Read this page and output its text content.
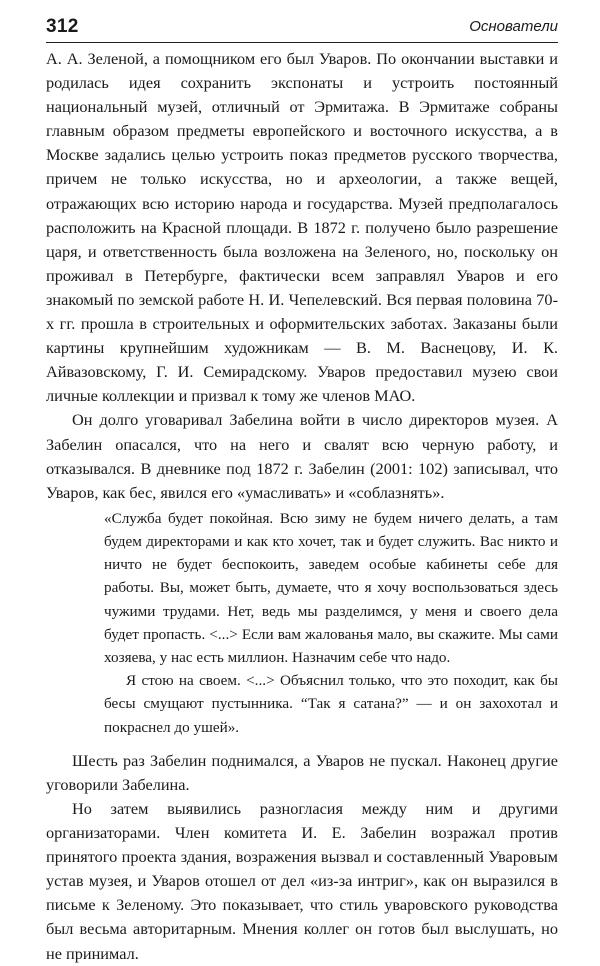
312	Основатели

А. А. Зеленой, а помощником его был Уваров. По окончании выставки и родилась идея сохранить экспонаты и устроить постоянный национальный музей, отличный от Эрмитажа. В Эрмитаже собраны главным образом предметы европейского и восточного искусства, а в Москве задались целью устроить показ предметов русского творчества, причем не только искусства, но и археологии, а также вещей, отражающих всю историю народа и государства. Музей предполагалось расположить на Красной площади. В 1872 г. получено было разрешение царя, и ответственность была возложена на Зеленого, но, поскольку он проживал в Петербурге, фактически всем заправлял Уваров и его знакомый по земской работе Н. И. Чепелевский. Вся первая половина 70-х гг. прошла в строительных и оформительских заботах. Заказаны были картины крупнейшим художникам — В. М. Васнецову, И. К. Айвазовскому, Г. И. Семирадскому. Уваров предоставил музею свои личные коллекции и призвал к тому же членов МАО.

Он долго уговаривал Забелина войти в число директоров музея. А Забелин опасался, что на него и свалят всю черную работу, и отказывался. В дневнике под 1872 г. Забелин (2001: 102) записывал, что Уваров, как бес, явился его «умасливать» и «соблазнять».

«Служба будет покойная. Всю зиму не будем ничего делать, а там будем директорами и как кто хочет, так и будет служить. Вас никто и ничто не будет беспокоить, заведем особые кабинеты себе для работы. Вы, может быть, думаете, что я хочу воспользоваться здесь чужими трудами. Нет, ведь мы разделимся, у меня и своего дела будет пропасть. <...> Если вам жалованья мало, вы скажите. Мы сами хозяева, у нас есть миллион. Назначим себе что надо.

Я стою на своем. <...> Объяснил только, что это походит, как бы бесы смущают пустынника. “Так я сатана?” — и он захохотал и покраснел до ушей».

Шесть раз Забелин поднимался, а Уваров не пускал. Наконец другие уговорили Забелина.

Но затем выявились разногласия между ним и другими организаторами. Член комитета И. Е. Забелин возражал против принятого проекта здания, возражения вызвал и составленный Уваровым устав музея, и Уваров отошел от дел «из-за интриг», как он выразился в письме к Зеленому. Это показывает, что стиль уваровского руководства был весьма авторитарным. Мнения коллег он готов был выслушать, но не принимал.
